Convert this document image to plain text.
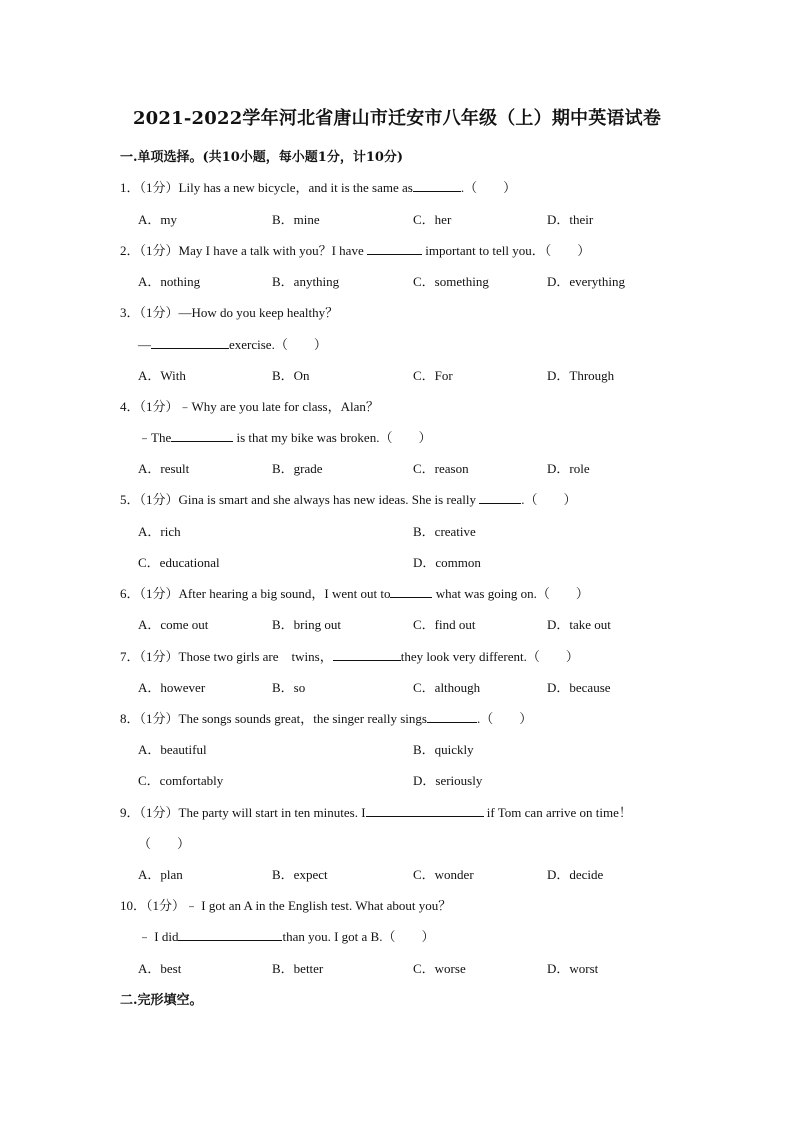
2021-2022学年河北省唐山市迁安市八年级（上）期中英语试卷
一.单项选择。(共10小题，每小题1分，计10分)
1．（1分）Lily has a new bicycle，and it is the same as	.（　　）
A．my	B．mine	C．her	D．their
2．（1分）May I have a talk with you？I have	important to tell you．（　　）
A．nothing	B．anything	C．something	D．everything
3．（1分）—How do you keep healthy？
—	exercise.（　　）
A．With	B．On	C．For	D．Through
4．（1分）﹣Why are you late for class，Alan？
﹣The	is that my bike was broken.（　　）
A．result	B．grade	C．reason	D．role
5．（1分）Gina is smart and she always has new ideas. She is really	.（　　）
A．rich	B．creative
C．educational	D．common
6．（1分）After hearing a big sound，I went out to	what was going on.（　　）
A．come out	B．bring out	C．find out	D．take out
7．（1分）Those two girls are　twins，	they look very different.（　　）
A．however	B．so	C．although	D．because
8．（1分）The songs sounds great，the singer really sings	.（　　）
A．beautiful	B．quickly
C．comfortably	D．seriously
9．（1分）The party will start in ten minutes. I	if Tom can arrive on time！
（　　）
A．plan	B．expect	C．wonder	D．decide
10．（1分）﹣ I got an A in the English test. What about you？
﹣ I did	than you. I got a B.（　　）
A．best	B．better	C．worse	D．worst
二.完形填空。
